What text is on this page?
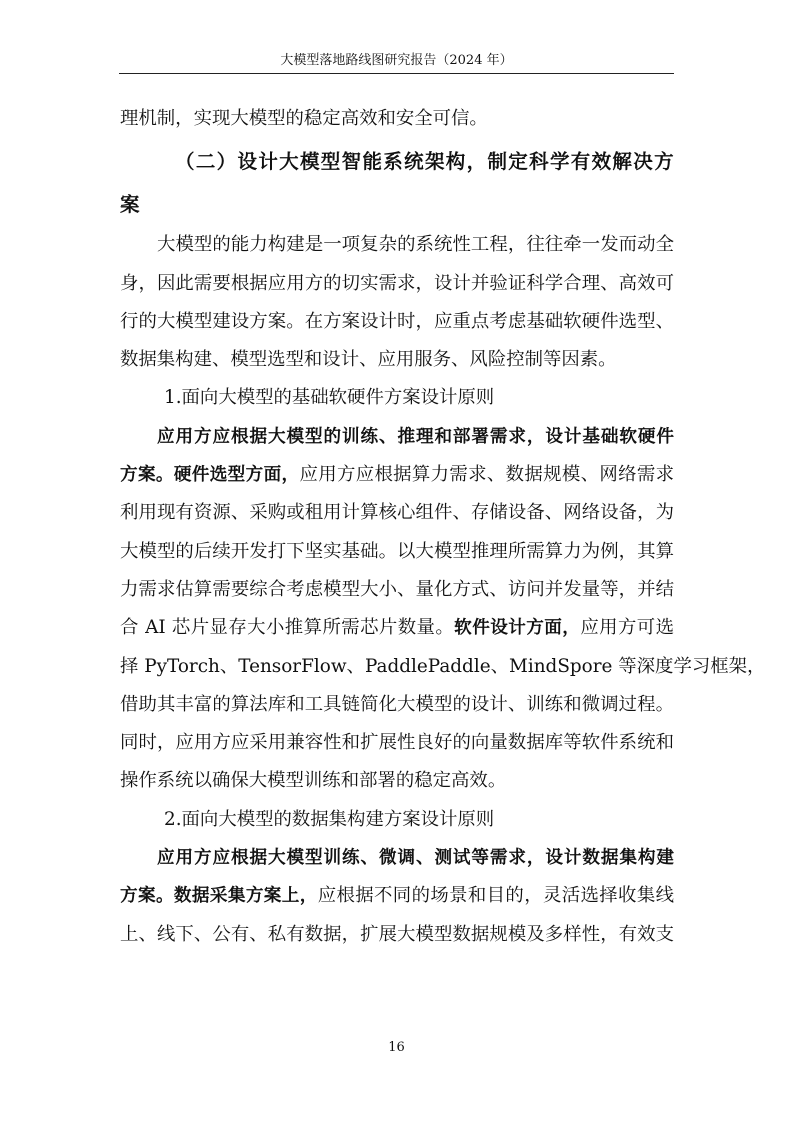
大模型落地路线图研究报告（2024 年）
理机制，实现大模型的稳定高效和安全可信。
（二）设计大模型智能系统架构，制定科学有效解决方
案
大模型的能力构建是一项复杂的系统性工程，往往牵一发而动全
身，因此需要根据应用方的切实需求，设计并验证科学合理、高效可
行的大模型建设方案。在方案设计时，应重点考虑基础软硬件选型、
数据集构建、模型选型和设计、应用服务、风险控制等因素。
1.面向大模型的基础软硬件方案设计原则
应用方应根据大模型的训练、推理和部署需求，设计基础软硬件
方案。硬件选型方面，应用方应根据算力需求、数据规模、网络需求
利用现有资源、采购或租用计算核心组件、存储设备、网络设备，为
大模型的后续开发打下坚实基础。以大模型推理所需算力为例，其算
力需求估算需要综合考虑模型大小、量化方式、访问并发量等，并结
合 AI 芯片显存大小推算所需芯片数量。软件设计方面，应用方可选
择 PyTorch、TensorFlow、PaddlePaddle、MindSpore 等深度学习框架，
借助其丰富的算法库和工具链简化大模型的设计、训练和微调过程。
同时，应用方应采用兼容性和扩展性良好的向量数据库等软件系统和
操作系统以确保大模型训练和部署的稳定高效。
2.面向大模型的数据集构建方案设计原则
应用方应根据大模型训练、微调、测试等需求，设计数据集构建
方案。数据采集方案上，应根据不同的场景和目的，灵活选择收集线
上、线下、公有、私有数据，扩展大模型数据规模及多样性，有效支
16
